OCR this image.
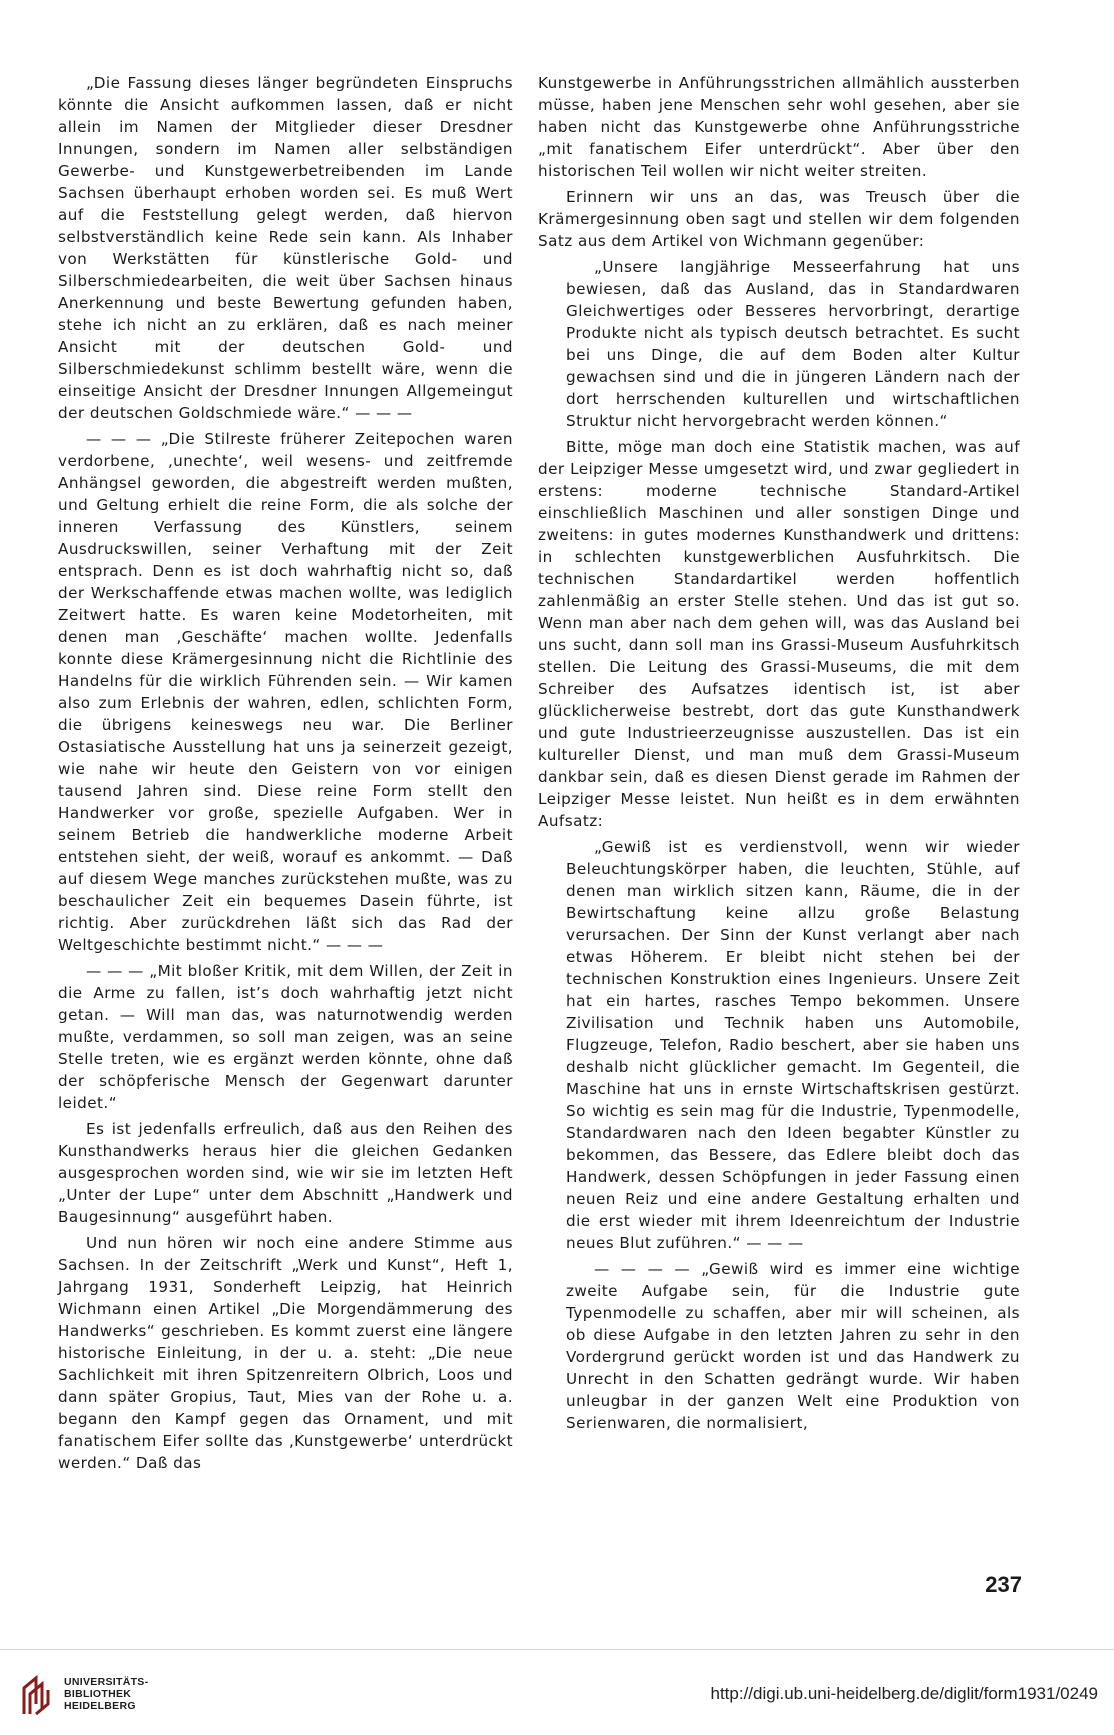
„Die Fassung dieses länger begründeten Einspruchs könnte die Ansicht aufkommen lassen, daß er nicht allein im Namen der Mitglieder dieser Dresdner Innungen, sondern im Namen aller selbständigen Gewerbe- und Kunstgewerbetreibenden im Lande Sachsen überhaupt erhoben worden sei. Es muß Wert auf die Feststellung gelegt werden, daß hiervon selbstverständlich keine Rede sein kann. Als Inhaber von Werkstätten für künstlerische Gold- und Silberschmiedearbeiten, die weit über Sachsen hinaus Anerkennung und beste Bewertung gefunden haben, stehe ich nicht an zu erklären, daß es nach meiner Ansicht mit der deutschen Gold- und Silberschmiedekunst schlimm bestellt wäre, wenn die einseitige Ansicht der Dresdner Innungen Allgemeingut der deutschen Goldschmiede wäre.“ — — —

— — — „Die Stilreste früherer Zeitepochen waren verdorbene, ‚unechte‘, weil wesens- und zeitfremde Anhängsel geworden, die abgestreift werden mußten, und Geltung erhielt die reine Form, die als solche der inneren Verfassung des Künstlers, seinem Ausdruckswillen, seiner Verhaftung mit der Zeit entsprach. Denn es ist doch wahrhaftig nicht so, daß der Werkschaffende etwas machen wollte, was lediglich Zeitwert hatte. Es waren keine Modetorheiten, mit denen man ‚Geschäfte‘ machen wollte. Jedenfalls konnte diese Krämergesinnung nicht die Richtlinie des Handelns für die wirklich Führenden sein. — Wir kamen also zum Erlebnis der wahren, edlen, schlichten Form, die übrigens keineswegs neu war. Die Berliner Ostasiatische Ausstellung hat uns ja seinerzeit gezeigt, wie nahe wir heute den Geistern von vor einigen tausend Jahren sind. Diese reine Form stellt den Handwerker vor große, spezielle Aufgaben. Wer in seinem Betrieb die handwerkliche moderne Arbeit entstehen sieht, der weiß, worauf es ankommt. — Daß auf diesem Wege manches zurückstehen mußte, was zu beschaulicher Zeit ein bequemes Dasein führte, ist richtig. Aber zurückdrehen läßt sich das Rad der Weltgeschichte bestimmt nicht.“ — — —

— — — „Mit bloßer Kritik, mit dem Willen, der Zeit in die Arme zu fallen, ist’s doch wahrhaftig jetzt nicht getan. — Will man das, was naturnotwendig werden mußte, verdammen, so soll man zeigen, was an seine Stelle treten, wie es ergänzt werden könnte, ohne daß der schöpferische Mensch der Gegenwart darunter leidet.“

Es ist jedenfalls erfreulich, daß aus den Reihen des Kunsthandwerks heraus hier die gleichen Gedanken ausgesprochen worden sind, wie wir sie im letzten Heft „Unter der Lupe“ unter dem Abschnitt „Handwerk und Baugesinnung“ ausgeführt haben.

Und nun hören wir noch eine andere Stimme aus Sachsen. In der Zeitschrift „Werk und Kunst“, Heft 1, Jahrgang 1931, Sonderheft Leipzig, hat Heinrich Wichmann einen Artikel „Die Morgendämmerung des Handwerks“ geschrieben. Es kommt zuerst eine längere historische Einleitung, in der u. a. steht: „Die neue Sachlichkeit mit ihren Spitzenreitern Olbrich, Loos und dann später Gropius, Taut, Mies van der Rohe u. a. begann den Kampf gegen das Ornament, und mit fanatischem Eifer sollte das ‚Kunstgewerbe‘ unterdrückt werden.“ Daß das

Kunstgewerbe in Anführungsstrichen allmählich aussterben müsse, haben jene Menschen sehr wohl gesehen, aber sie haben nicht das Kunstgewerbe ohne Anführungsstriche „mit fanatischem Eifer unterdrückt“. Aber über den historischen Teil wollen wir nicht weiter streiten.

Erinnern wir uns an das, was Treusch über die Krämergesinnung oben sagt und stellen wir dem folgenden Satz aus dem Artikel von Wichmann gegenüber:

„Unsere langjährige Messeerfahrung hat uns bewiesen, daß das Ausland, das in Standardwaren Gleichwertiges oder Besseres hervorbringt, derartige Produkte nicht als typisch deutsch betrachtet. Es sucht bei uns Dinge, die auf dem Boden alter Kultur gewachsen sind und die in jüngeren Ländern nach der dort herrschenden kulturellen und wirtschaftlichen Struktur nicht hervorgebracht werden können.“

Bitte, möge man doch eine Statistik machen, was auf der Leipziger Messe umgesetzt wird, und zwar gegliedert in erstens: moderne technische Standard-Artikel einschließlich Maschinen und aller sonstigen Dinge und zweitens: in gutes modernes Kunsthandwerk und drittens: in schlechten kunstgewerblichen Ausfuhrkitsch. Die technischen Standardartikel werden hoffentlich zahlenmäßig an erster Stelle stehen. Und das ist gut so. Wenn man aber nach dem gehen will, was das Ausland bei uns sucht, dann soll man ins Grassi-Museum Ausfuhrkitsch stellen. Die Leitung des Grassi-Museums, die mit dem Schreiber des Aufsatzes identisch ist, ist aber glücklicherweise bestrebt, dort das gute Kunsthandwerk und gute Industrieerzeugnisse auszustellen. Das ist ein kultureller Dienst, und man muß dem Grassi-Museum dankbar sein, daß es diesen Dienst gerade im Rahmen der Leipziger Messe leistet. Nun heißt es in dem erwähnten Aufsatz:

„Gewiß ist es verdienstvoll, wenn wir wieder Beleuchtungskörper haben, die leuchten, Stühle, auf denen man wirklich sitzen kann, Räume, die in der Bewirtschaftung keine allzu große Belastung verursachen. Der Sinn der Kunst verlangt aber nach etwas Höherem. Er bleibt nicht stehen bei der technischen Konstruktion eines Ingenieurs. Unsere Zeit hat ein hartes, rasches Tempo bekommen. Unsere Zivilisation und Technik haben uns Automobile, Flugzeuge, Telefon, Radio beschert, aber sie haben uns deshalb nicht glücklicher gemacht. Im Gegenteil, die Maschine hat uns in ernste Wirtschaftskrisen gestürzt. So wichtig es sein mag für die Industrie, Typenmodelle, Standardwaren nach den Ideen begabter Künstler zu bekommen, das Bessere, das Edlere bleibt doch das Handwerk, dessen Schöpfungen in jeder Fassung einen neuen Reiz und eine andere Gestaltung erhalten und die erst wieder mit ihrem Ideenreichtum der Industrie neues Blut zuführen.“ — — —

— — — — „Gewiß wird es immer eine wichtige zweite Aufgabe sein, für die Industrie gute Typenmodelle zu schaffen, aber mir will scheinen, als ob diese Aufgabe in den letzten Jahren zu sehr in den Vordergrund gerückt worden ist und das Handwerk zu Unrecht in den Schatten gedrängt wurde. Wir haben unleugbar in der ganzen Welt eine Produktion von Serienwaren, die normalisiert,

237
UNIVERSITÄTS-
BIBLIOTHEK
HEIDELBERG
http://digi.ub.uni-heidelberg.de/diglit/form1931/0249
